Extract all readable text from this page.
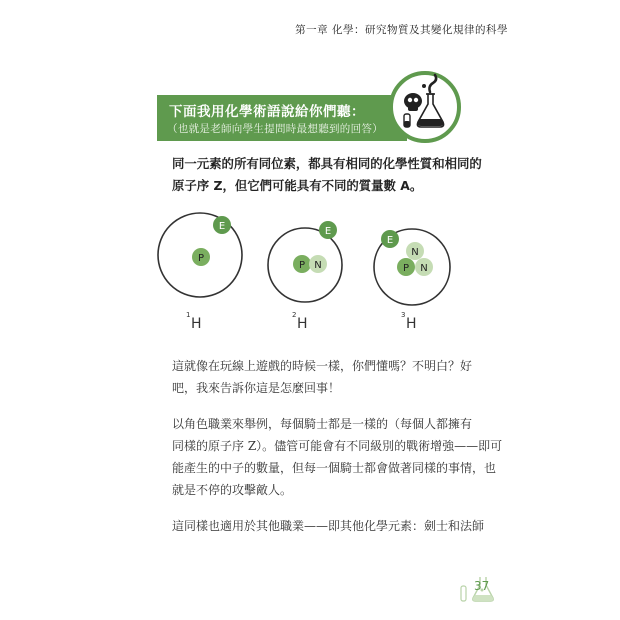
第一章 化學：研究物質及其變化規律的科學
下面我用化學術語說給你們聽：
（也就是老師向學生提問時最想聽到的回答）

同一元素的所有同位素，都具有相同的化學性質和相同的

原子序 Z，但它們可能具有不同的質量數 A。

P
E
1
H
P N
E
2
H
N
P N
E
3
H

這就像在玩線上遊戲的時候一樣，你們懂嗎？不明白？好

吧，我來告訴你這是怎麼回事！

以角色職業來舉例，每個騎士都是一樣的（每個人都擁有

同樣的原子序 Z）。儘管可能會有不同級別的戰術增強——即可

能產生的中子的數量，但每一個騎士都會做著同樣的事情，也

就是不停的攻擊敵人。

這同樣也適用於其他職業——即其他化學元素：劍士和法師

37
